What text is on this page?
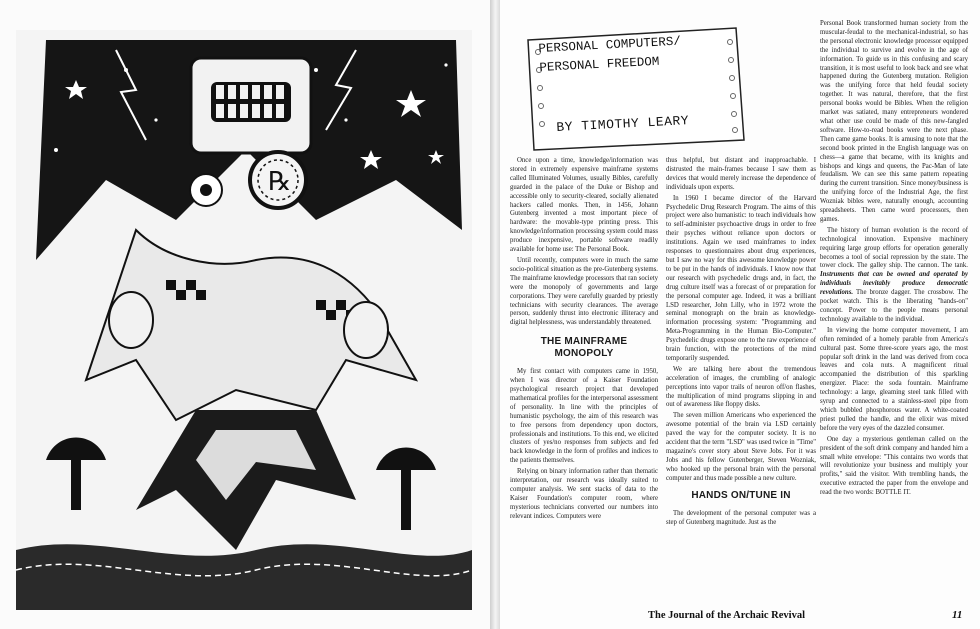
℞
PERSONAL COMPUTERS/
PERSONAL FREEDOM
BY TIMOTHY LEARY

Once upon a time, knowledge/information was stored in extremely expensive mainframe systems called Illuminated Volumes, usually Bibles, carefully guarded in the palace of the Duke or Bishop and accessible only to security-cleared, socially alienated hackers called monks. Then, in 1456, Johann Gutenberg invented a most important piece of hardware: the movable-type printing press. This knowledge/information processing system could mass produce inexpensive, portable software readily available for home use: The Personal Book.

Until recently, computers were in much the same socio-political situation as the pre-Gutenberg systems. The mainframe knowledge processors that ran society were the monopoly of governments and large corporations. They were carefully guarded by priestly technicians with security clearances. The average person, suddenly thrust into electronic illiteracy and digital helplessness, was understandably threatened.

THE MAINFRAME
MONOPOLY

My first contact with computers came in 1950, when I was director of a Kaiser Foundation psychological research project that developed mathematical profiles for the interpersonal assessment of personality. In line with the principles of humanistic psychology, the aim of this research was to free persons from dependency upon doctors, professionals and institutions. To this end, we elicited clusters of yes/no responses from subjects and fed back knowledge in the form of profiles and indices to the patients themselves.

Relying on binary information rather than thematic interpretation, our research was ideally suited to computer analysis. We sent stacks of data to the Kaiser Foundation's computer room, where mysterious technicians converted our numbers into relevant indices. Computers were

thus helpful, but distant and inapproachable. I distrusted the main-frames because I saw them as devices that would merely increase the dependence of individuals upon experts.

In 1960 I became director of the Harvard Psychedelic Drug Research Program. The aims of this project were also humanistic: to teach individuals how to self-administer psychoactive drugs in order to free their psyches without reliance upon doctors or institutions. Again we used mainframes to index responses to questionnaires about drug experiences, but I saw no way for this awesome knowledge power to be put in the hands of individuals. I know now that our research with psychedelic drugs and, in fact, the drug culture itself was a forecast of or preparation for the personal computer age. Indeed, it was a brilliant LSD researcher, John Lilly, who in 1972 wrote the seminal monograph on the brain as knowledge-information processing system: "Programming and Meta-Programming in the Human Bio-Computer." Psychedelic drugs expose one to the raw experience of brain function, with the protections of the mind temporarily suspended.

We are talking here about the tremendous acceleration of images, the crumbling of analogic perceptions into vapor trails of neuron off/on flashes, the multiplication of mind programs slipping in and out of awareness like floppy disks.

The seven million Americans who experienced the awesome potential of the brain via LSD certainly paved the way for the computer society. It is no accident that the term "LSD" was used twice in "Time" magazine's cover story about Steve Jobs. For it was Jobs and his fellow Gutenberger, Steven Wozniak, who hooked up the personal brain with the personal computer and thus made possible a new culture.

HANDS ON/TUNE IN

The development of the personal computer was a step of Gutenberg magnitude. Just as the

Personal Book transformed human society from the muscular-feudal to the mechanical-industrial, so has the personal electronic knowledge processor equipped the individual to survive and evolve in the age of information. To guide us in this confusing and scary transition, it is most useful to look back and see what happened during the Gutenberg mutation. Religion was the unifying force that held feudal society together. It was natural, therefore, that the first personal books would be Bibles. When the religion market was satiated, many entrepreneurs wondered what other use could be made of this new-fangled software. How-to-read books were the next phase. Then came game books. It is amusing to note that the second book printed in the English language was on chess—a game that became, with its knights and bishops and kings and queens, the Pac-Man of late feudalism. We can see this same pattern repeating during the current transition. Since money/business is the unifying force of the Industrial Age, the first Wozniak bibles were, naturally enough, accounting spreadsheets. Then came word processors, then games.

The history of human evolution is the record of technological innovation. Expensive machinery requiring large group efforts for operation generally becomes a tool of social repression by the state. The tower clock. The galley ship. The cannon. The tank. Instruments that can be owned and operated by individuals inevitably produce democratic revolutions. The bronze dagger. The crossbow. The pocket watch. This is the liberating "hands-on" concept. Power to the people means personal technology available to the individual.

In viewing the home computer movement, I am often reminded of a homely parable from America's cultural past. Some three-score years ago, the most popular soft drink in the land was derived from coca leaves and cola nuts. A magnificent ritual accompanied the distribution of this sparkling energizer. Place: the soda fountain. Mainframe technology: a large, gleaming steel tank filled with syrup and connected to a stainless-steel pipe from which bubbled phosphorous water. A white-coated priest pulled the handle, and the elixir was mixed before the very eyes of the dazzled consumer.

One day a mysterious gentleman called on the president of the soft drink company and handed him a small white envelope: "This contains two words that will revolutionize your business and multiply your profits," said the visitor. With trembling hands, the executive extracted the paper from the envelope and read the two words: BOTTLE IT.

The Journal of the Archaic Revival	11
